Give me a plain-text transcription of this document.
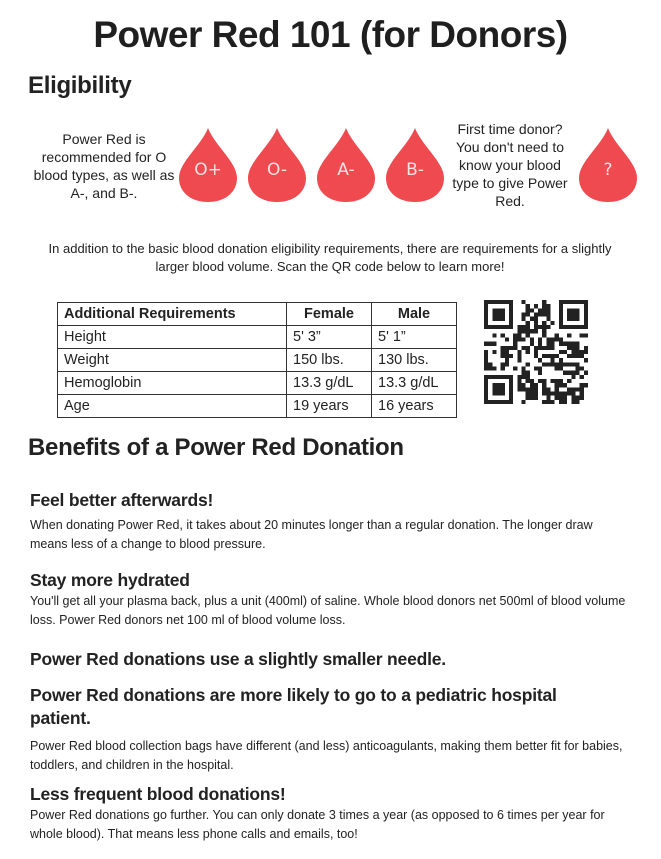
Power Red 101 (for Donors)
Eligibility
Power Red is recommended for O blood types, as well as A-, and B-.
O+	O-	A-	B-
First time donor? You don't need to know your blood type to give Power Red.
?
In addition to the basic blood donation eligibility requirements, there are requirements for a slightly larger blood volume. Scan the QR code below to learn more!
Additional Requirements	Female	Male
Height	5' 3”	5' 1”
Weight	150 lbs.	130 lbs.
Hemoglobin	13.3 g/dL	13.3 g/dL
Age	19 years	16 years
Benefits of a Power Red Donation
Feel better afterwards!

When donating Power Red, it takes about 20 minutes longer than a regular donation. The longer draw means less of a change to blood pressure.

Stay more hydrated

You'll get all your plasma back, plus a unit (400ml) of saline. Whole blood donors net 500ml of blood volume loss. Power Red donors net 100 ml of blood volume loss.

Power Red donations use a slightly smaller needle.
Power Red donations are more likely to go to a pediatric hospital patient.

Power Red blood collection bags have different (and less) anticoagulants, making them better fit for babies, toddlers, and children in the hospital.

Less frequent blood donations!

Power Red donations go further. You can only donate 3 times a year (as opposed to 6 times per year for whole blood). That means less phone calls and emails, too!
